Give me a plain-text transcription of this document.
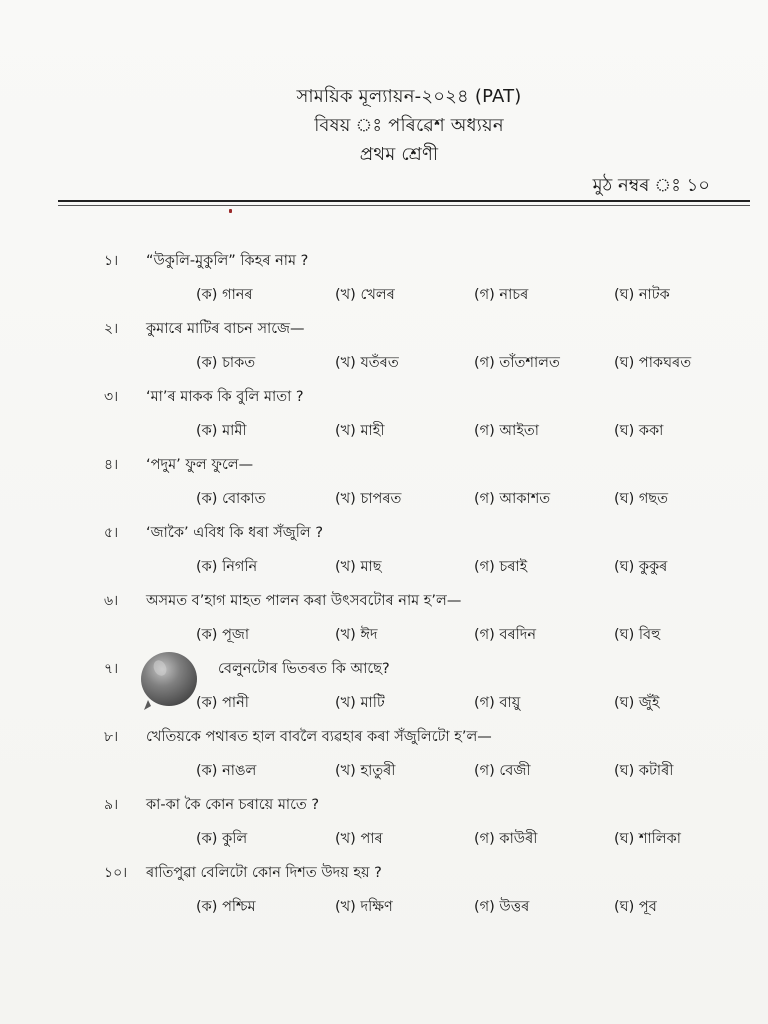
সাময়িক মূল্যায়ন-২০২৪ (PAT)
বিষয় ঃ পৰিৱেশ অধ্যয়ন
প্ৰথম শ্ৰেণী
মুঠ নম্বৰ ঃ ১০
১। “উকুলি-মুকুলি” কিহৰ নাম ?
(ক) গানৰ	(খ) খেলৰ	(গ) নাচৰ	(ঘ) নাটক
২। কুমাৰে মাটিৰ বাচন সাজে—
(ক) চাকত	(খ) যতঁৰত	(গ) তাঁতশালত	(ঘ) পাকঘৰত
৩। ‘মা’ৰ মাকক কি বুলি মাতা ?
(ক) মামী	(খ) মাহী	(গ) আইতা	(ঘ) ককা
৪। ‘পদুম’ ফুল ফুলে—
(ক) বোকাত	(খ) চাপৰত	(গ) আকাশত	(ঘ) গছত
৫। ‘জাকৈ’ এবিধ কি ধৰা সঁজুলি ?
(ক) নিগনি	(খ) মাছ	(গ) চৰাই	(ঘ) কুকুৰ
৬। অসমত ব’হাগ মাহত পালন কৰা উৎসবটোৰ নাম হ’ল—
(ক) পূজা	(খ) ঈদ	(গ) বৰদিন	(ঘ) বিহু
৭।	বেলুনটোৰ ভিতৰত কি আছে?
(ক) পানী	(খ) মাটি	(গ) বায়ু	(ঘ) জুঁই
৮। খেতিয়কে পথাৰত হাল বাবলৈ ব্যৱহাৰ কৰা সঁজুলিটো হ’ল—
(ক) নাঙল	(খ) হাতুৰী	(গ) বেজী	(ঘ) কটাৰী
৯। কা-কা কৈ কোন চৰায়ে মাতে ?
(ক) কুলি	(খ) পাৰ	(গ) কাউৰী	(ঘ) শালিকা
১০। ৰাতিপুৱা বেলিটো কোন দিশত উদয় হয় ?
(ক) পশ্চিম	(খ) দক্ষিণ	(গ) উত্তৰ	(ঘ) পূব
